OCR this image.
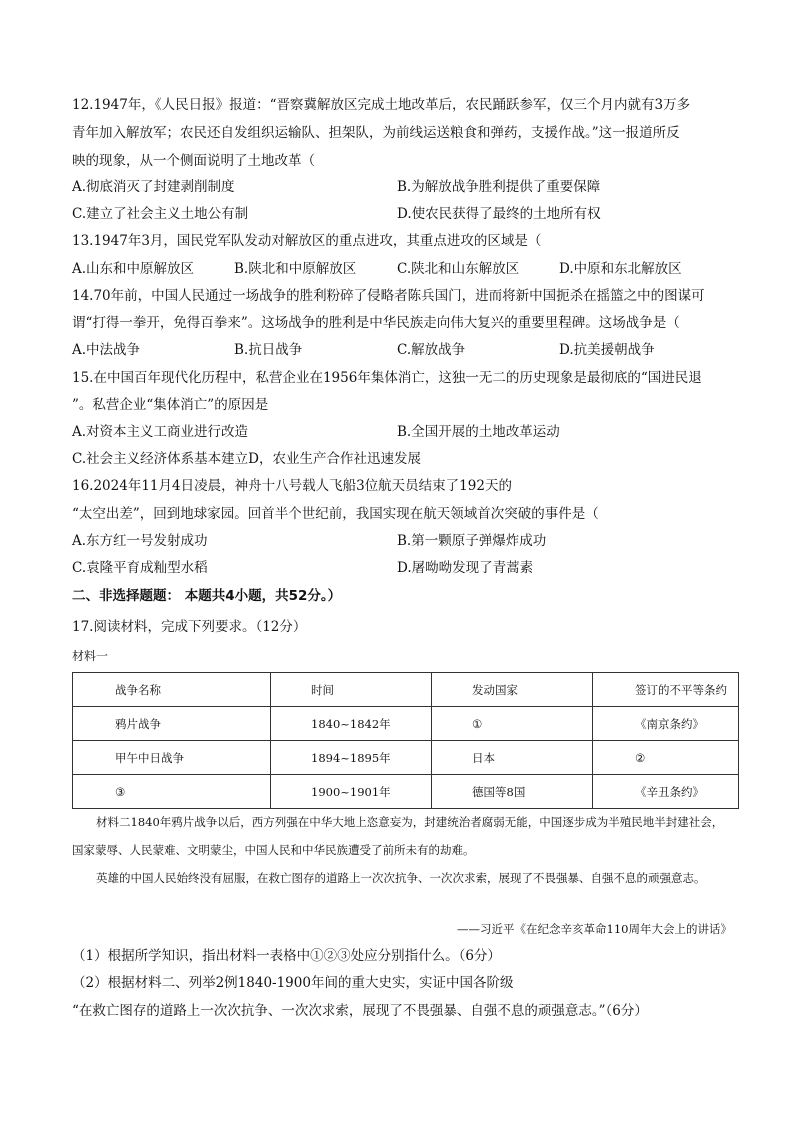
12.1947年，《人民日报》报道：“晋察冀解放区完成土地改革后，农民踊跃参军，仅三个月内就有3万多
青年加入解放军；农民还自发组织运输队、担架队，为前线运送粮食和弹药，支援作战。”这一报道所反
映的现象，从一个侧面说明了土地改革（
A.彻底消灭了封建剥削制度	B.为解放战争胜利提供了重要保障
C.建立了社会主义土地公有制	D.使农民获得了最终的土地所有权
13.1947年3月，国民党军队发动对解放区的重点进攻，其重点进攻的区域是（
A.山东和中原解放区	B.陕北和中原解放区	C.陕北和山东解放区	D.中原和东北解放区
14.70年前，中国人民通过一场战争的胜利粉碎了侵略者陈兵国门，进而将新中国扼杀在摇篮之中的图谋可
谓“打得一拳开，免得百拳来”。这场战争的胜利是中华民族走向伟大复兴的重要里程碑。这场战争是（
A.中法战争	B.抗日战争	C.解放战争	D.抗美援朝战争
15.在中国百年现代化历程中，私营企业在1956年集体消亡，这独一无二的历史现象是最彻底的“国进民退
”。私营企业“集体消亡”的原因是
A.对资本主义工商业进行改造	B.全国开展的土地改革运动
C.社会主义经济体系基本建立D，农业生产合作社迅速发展
16.2024年11月4日凌晨，神舟十八号载人飞船3位航天员结束了192天的
“太空出差”，回到地球家园。回首半个世纪前，我国实现在航天领域首次突破的事件是（
A.东方红一号发射成功	B.第一颗原子弹爆炸成功
C.袁隆平育成籼型水稻	D.屠呦呦发现了青蒿素
二、非选择题题： 本题共4小题，共52分。）
17.阅读材料，完成下列要求。（12分）
材料一
战争名称	时间	发动国家	签订的不平等条约
鸦片战争	1840~1842年	①	《南京条约》
甲午中日战争	1894~1895年	日本	②
③	1900~1901年	德国等8国	《辛丑条约》
材料二1840年鸦片战争以后，西方列强在中华大地上恣意妄为，封建统治者腐弱无能，中国逐步成为半殖民地半封建社会，国家蒙辱、人民蒙难、文明蒙尘，中国人民和中华民族遭受了前所未有的劫难。
英雄的中国人民始终没有屈服，在救亡图存的道路上一次次抗争、一次次求索，展现了不畏强暴、自强不息的顽强意志。
——习近平《在纪念辛亥革命110周年大会上的讲话》
（1）根据所学知识，指出材料一表格中①②③处应分别指什么。（6分）
（2）根据材料二、列举2例1840-1900年间的重大史实，实证中国各阶级
“在救亡图存的道路上一次次抗争、一次次求索，展现了不畏强暴、自强不息的顽强意志。”（6分）
